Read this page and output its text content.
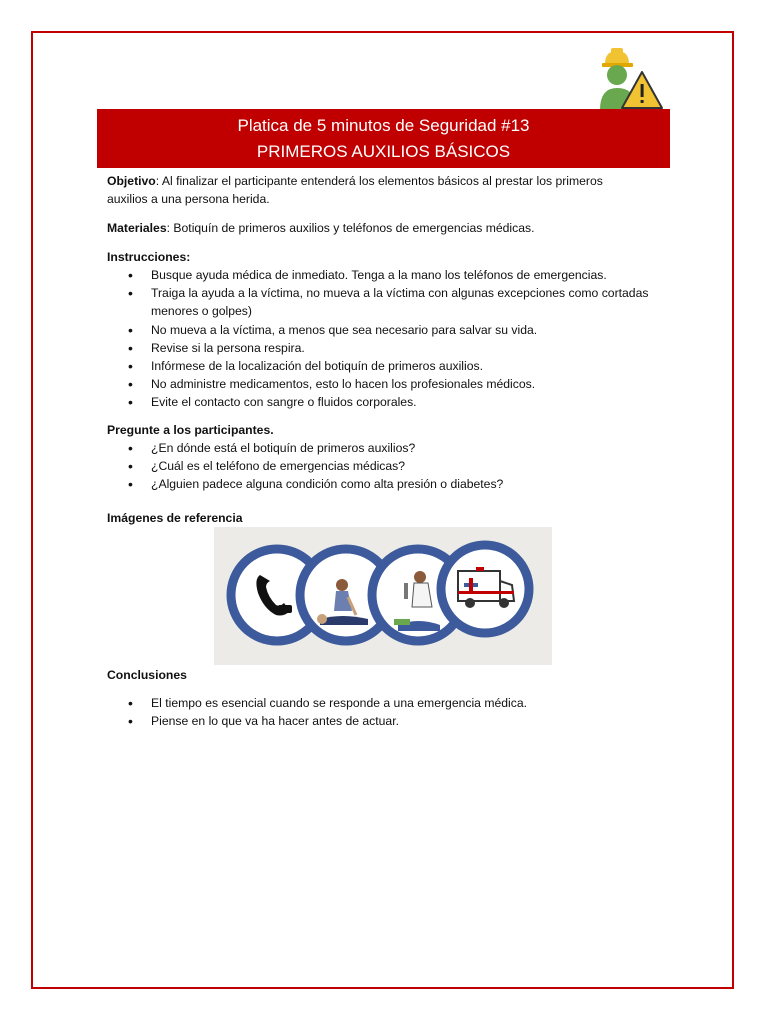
Platica de 5 minutos de Seguridad #13
PRIMEROS AUXILIOS BÁSICOS
Objetivo: Al finalizar el participante entenderá los elementos básicos al prestar los primeros
auxilios a una persona herida.
Materiales: Botiquín de primeros auxilios y teléfonos de emergencias médicas.
Instrucciones:
• Busque ayuda médica de inmediato. Tenga a la mano los teléfonos de emergencias.
• Traiga la ayuda a la víctima, no mueva a la víctima con algunas excepciones como cortadas menores o golpes)
• No mueva a la víctima, a menos que sea necesario para salvar su vida.
• Revise si la persona respira.
• Infórmese de la localización del botiquín de primeros auxilios.
• No administre medicamentos, esto lo hacen los profesionales médicos.
• Evite el contacto con sangre o fluidos corporales.
Pregunte a los participantes.
• ¿En dónde está el botiquín de primeros auxilios?
• ¿Cuál es el teléfono de emergencias médicas?
• ¿Alguien padece alguna condición como alta presión o diabetes?
Imágenes de referencia
Conclusiones
• El tiempo es esencial cuando se responde a una emergencia médica.
• Piense en lo que va ha hacer antes de actuar.
